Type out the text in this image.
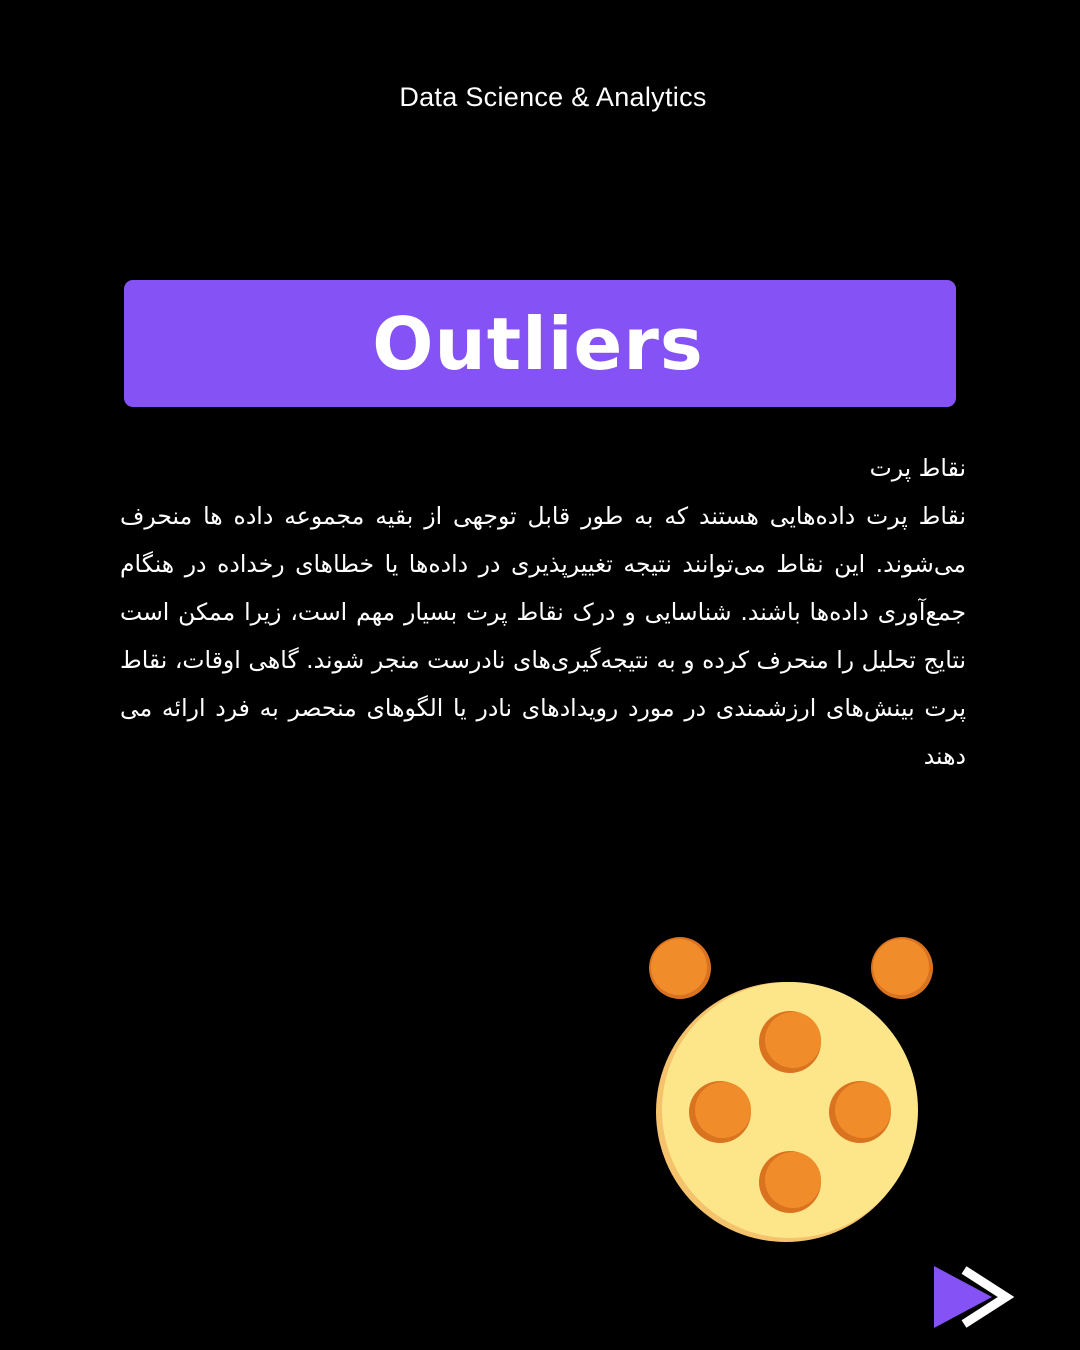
Data Science & Analytics
Outliers
نقاط پرت
نقاط پرت داده‌هایی هستند که به طور قابل توجهی از بقیه مجموعه داده ها منحرف می‌شوند. این نقاط می‌توانند نتیجه تغییرپذیری در داده‌ها یا خطاهای رخداده در هنگام جمع‌آوری داده‌ها باشند. شناسایی و درک نقاط پرت بسیار مهم است، زیرا ممکن است نتایج تحلیل را منحرف کرده و به نتیجه‌گیری‌های نادرست منجر شوند. گاهی اوقات، نقاط پرت بینش‌های ارزشمندی در مورد رویدادهای نادر یا الگوهای منحصر به فرد ارائه می دهند
